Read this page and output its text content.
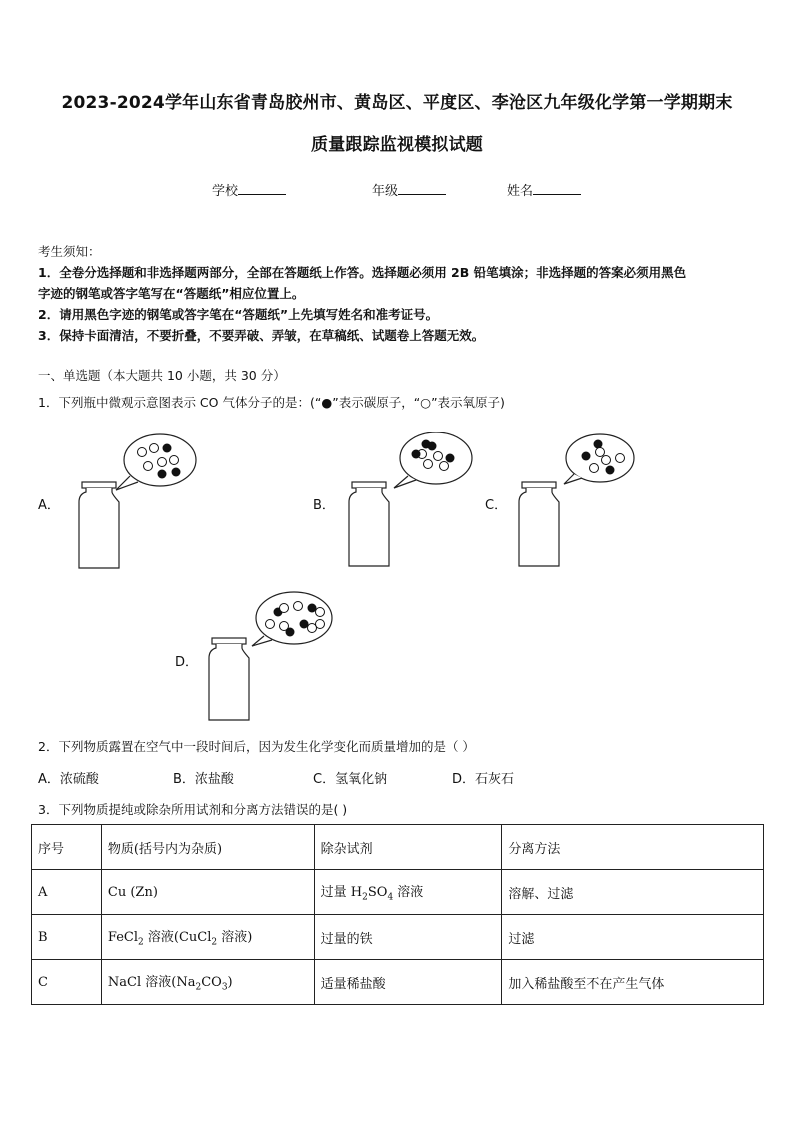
2023-2024学年山东省青岛胶州市、黄岛区、平度区、李沧区九年级化学第一学期期末
质量跟踪监视模拟试题
学校	年级	姓名
考生须知：
1．全卷分选择题和非选择题两部分，全部在答题纸上作答。选择题必须用 2B 铅笔填涂；非选择题的答案必须用黑色
字迹的钢笔或答字笔写在“答题纸”相应位置上。
2．请用黑色字迹的钢笔或答字笔在“答题纸”上先填写姓名和准考证号。
3．保持卡面清洁，不要折叠，不要弄破、弄皱，在草稿纸、试题卷上答题无效。
一、单选题（本大题共 10 小题，共 30 分）
1．下列瓶中微观示意图表示 CO 气体分子的是：(“●”表示碳原子，“○”表示氧原子)
A．	B．	C．
D．
2．下列物质露置在空气中一段时间后，因为发生化学变化而质量增加的是（ ）
A．浓硫酸	B．浓盐酸	C．氢氧化钠	D．石灰石
3．下列物质提纯或除杂所用试剂和分离方法错误的是( )
序号	物质(括号内为杂质)	除杂试剂	分离方法
A	Cu (Zn)	过量 $H_2SO_4$ 溶液	溶解、过滤
B	FeCl$_2$ 溶液(CuCl$_2$ 溶液)	过量的铁	过滤
C	NaCl 溶液$(Na_2CO_3)$	适量稀盐酸	加入稀盐酸至不在产生气体
